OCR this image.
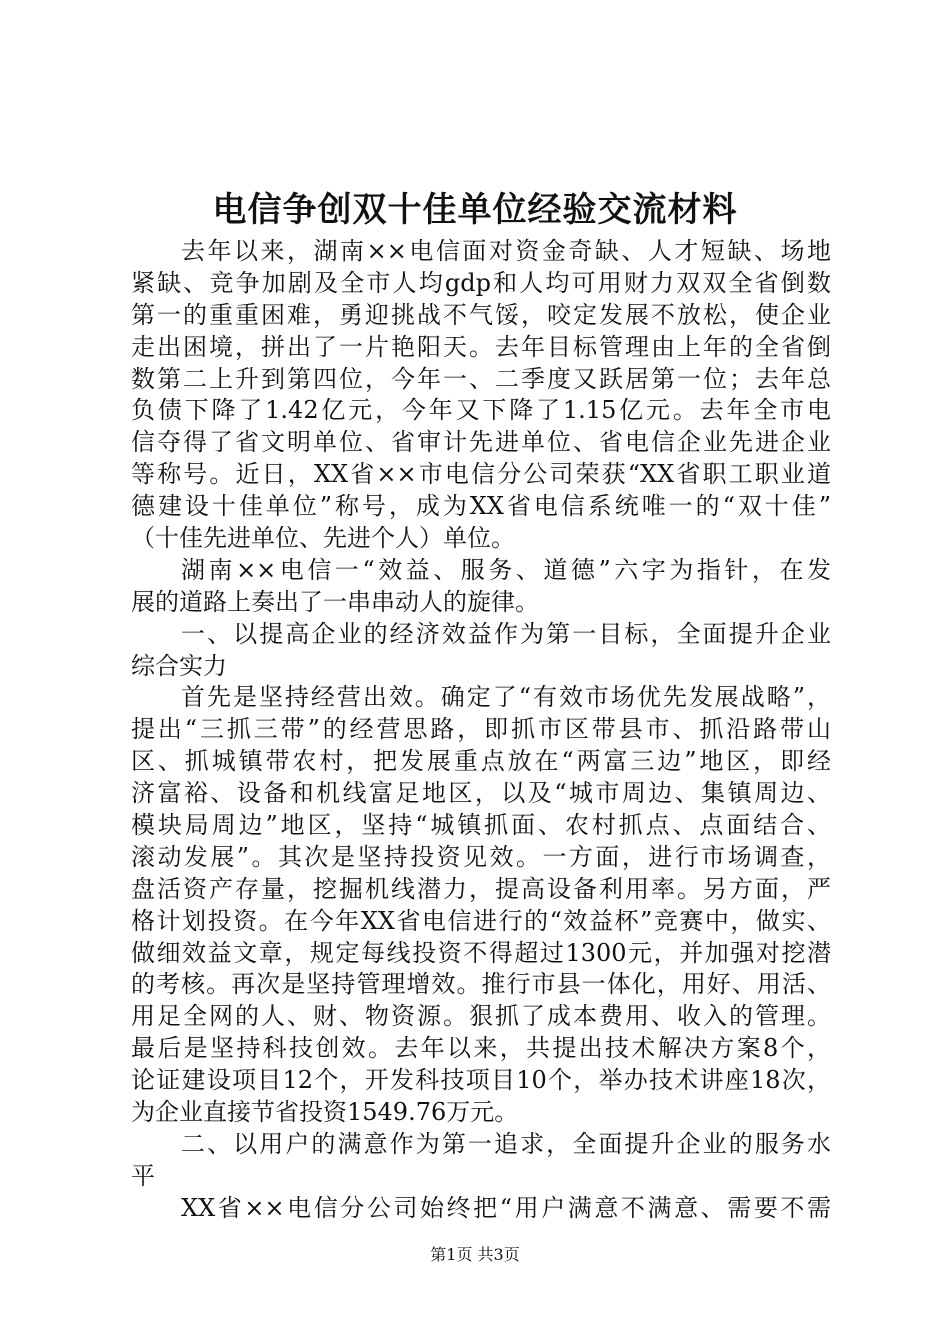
电信争创双十佳单位经验交流材料
去年以来，湖南××电信面对资金奇缺、人才短缺、场地
紧缺、竞争加剧及全市人均gdp和人均可用财力双双全省倒数
第一的重重困难，勇迎挑战不气馁，咬定发展不放松，使企业
走出困境，拼出了一片艳阳天。去年目标管理由上年的全省倒
数第二上升到第四位，今年一、二季度又跃居第一位；去年总
负债下降了1.42亿元，今年又下降了1.15亿元。去年全市电
信夺得了省文明单位、省审计先进单位、省电信企业先进企业
等称号。近日，XX省××市电信分公司荣获“XX省职工职业道
德建设十佳单位”称号，成为XX省电信系统唯一的“双十佳”
（十佳先进单位、先进个人）单位。
湖南××电信一“效益、服务、道德”六字为指针，在发
展的道路上奏出了一串串动人的旋律。
一、以提高企业的经济效益作为第一目标，全面提升企业
综合实力
首先是坚持经营出效。确定了“有效市场优先发展战略”，
提出“三抓三带”的经营思路，即抓市区带县市、抓沿路带山
区、抓城镇带农村，把发展重点放在“两富三边”地区，即经
济富裕、设备和机线富足地区，以及“城市周边、集镇周边、
模块局周边”地区，坚持“城镇抓面、农村抓点、点面结合、
滚动发展”。其次是坚持投资见效。一方面，进行市场调查，
盘活资产存量，挖掘机线潜力，提高设备利用率。另方面，严
格计划投资。在今年XX省电信进行的“效益杯”竞赛中，做实、
做细效益文章，规定每线投资不得超过1300元，并加强对挖潜
的考核。再次是坚持管理增效。推行市县一体化，用好、用活、
用足全网的人、财、物资源。狠抓了成本费用、收入的管理。
最后是坚持科技创效。去年以来，共提出技术解决方案8个，
论证建设项目12个，开发科技项目10个，举办技术讲座18次，
为企业直接节省投资1549.76万元。
二、以用户的满意作为第一追求，全面提升企业的服务水
平
XX省××电信分公司始终把“用户满意不满意、需要不需
第1页 共3页
